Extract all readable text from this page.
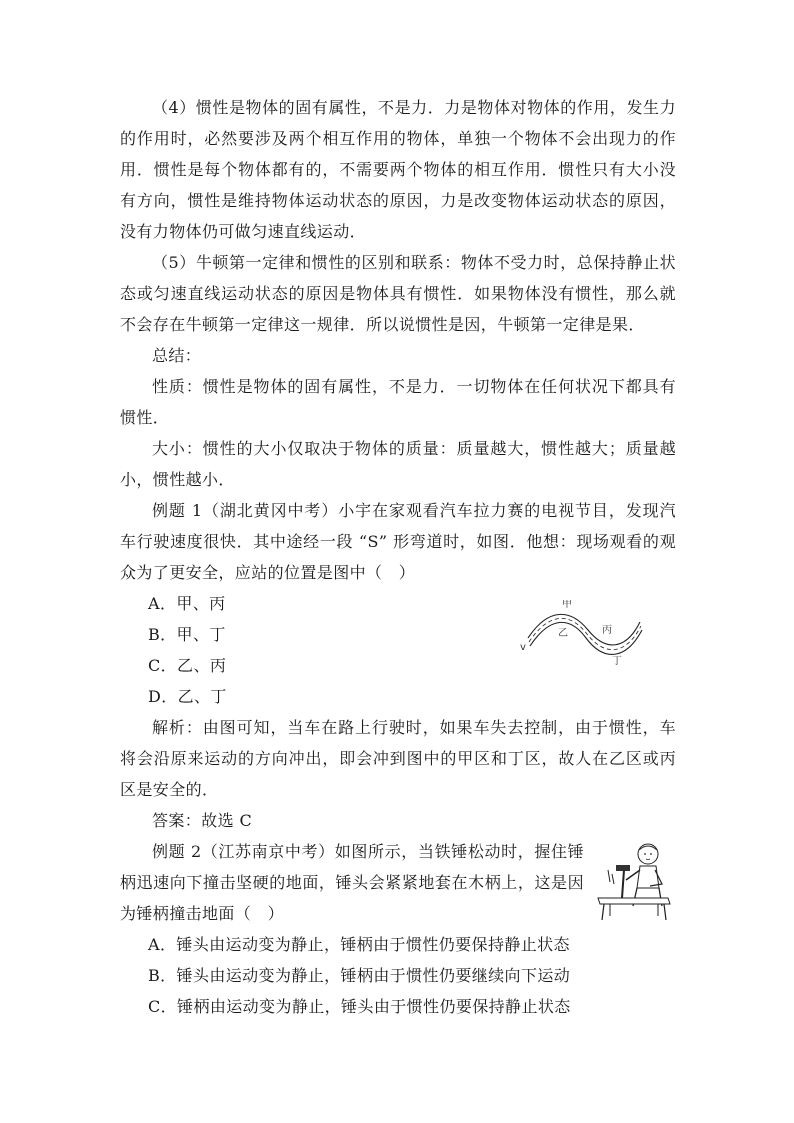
（4）惯性是物体的固有属性，不是力．力是物体对物体的作用，发生力的作用时，必然要涉及两个相互作用的物体，单独一个物体不会出现力的作用．惯性是每个物体都有的，不需要两个物体的相互作用．惯性只有大小没有方向，惯性是维持物体运动状态的原因，力是改变物体运动状态的原因，没有力物体仍可做匀速直线运动．

（5）牛顿第一定律和惯性的区别和联系：物体不受力时，总保持静止状态或匀速直线运动状态的原因是物体具有惯性．如果物体没有惯性，那么就不会存在牛顿第一定律这一规律．所以说惯性是因，牛顿第一定律是果．

总结：

性质：惯性是物体的固有属性，不是力．一切物体在任何状况下都具有惯性．

大小：惯性的大小仅取决于物体的质量：质量越大，惯性越大；质量越小，惯性越小．

例题 1（湖北黄冈中考）小宇在家观看汽车拉力赛的电视节目，发现汽车行驶速度很快．其中途经一段 “S” 形弯道时，如图．他想：现场观看的观众为了更安全，应站的位置是图中（　）

A．甲、丙

B．甲、丁

C．乙、丙

D．乙、丁

甲
乙	丙
丁
v

解析：由图可知，当车在路上行驶时，如果车失去控制，由于惯性，车将会沿原来运动的方向冲出，即会冲到图中的甲区和丁区，故人在乙区或丙区是安全的．

答案：故选 C

例题 2（江苏南京中考）如图所示，当铁锤松动时，握住锤柄迅速向下撞击坚硬的地面，锤头会紧紧地套在木柄上，这是因为锤柄撞击地面（　）

A．锤头由运动变为静止，锤柄由于惯性仍要保持静止状态

B．锤头由运动变为静止，锤柄由于惯性仍要继续向下运动

C．锤柄由运动变为静止，锤头由于惯性仍要保持静止状态
